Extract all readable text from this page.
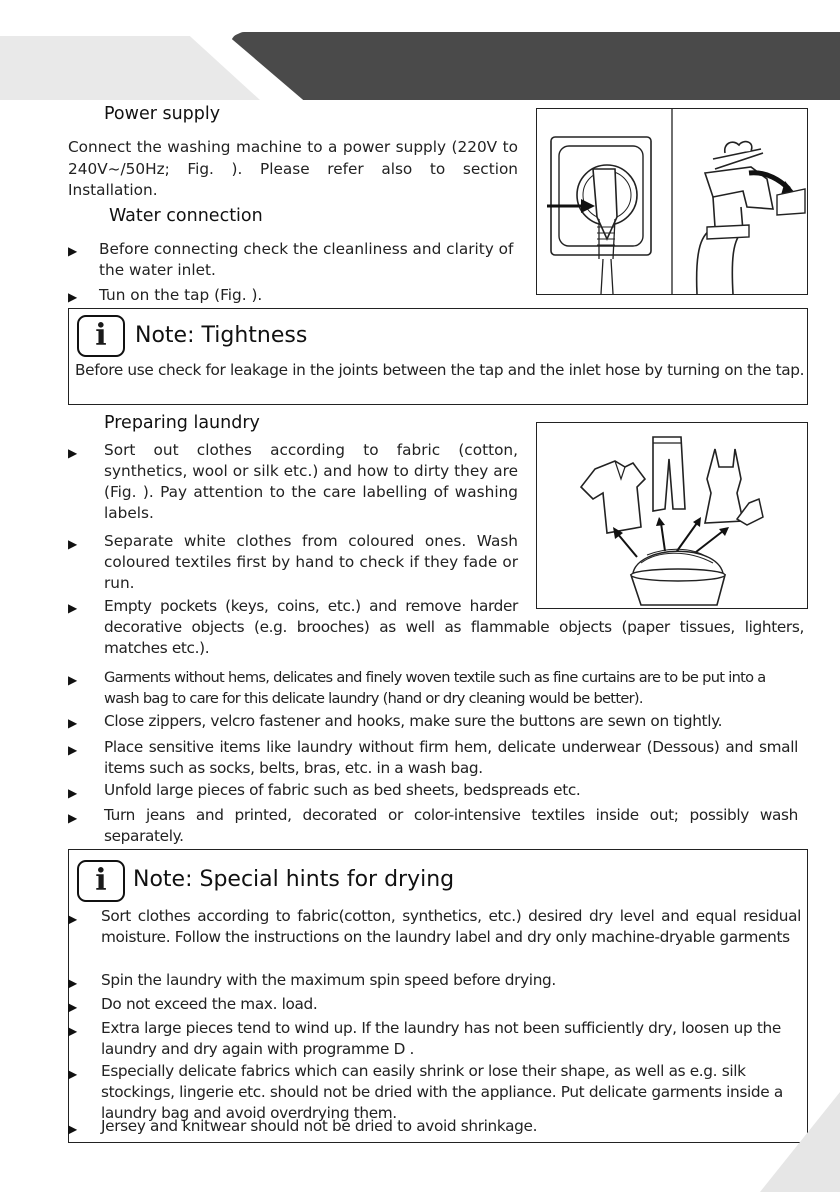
Power supply
Connect the washing machine to a power supply (220V to 240V~/50Hz; Fig. ). Please refer also to section Installation.
Water connection
▶ Before connecting check the cleanliness and clarity of the water inlet.
▶ Tun on the tap (Fig. ).
i Note: Tightness
Before use check for leakage in the joints between the tap and the inlet hose by turning on the tap.
Preparing laundry
▶ Sort out clothes according to fabric (cotton, synthetics, wool or silk etc.) and how to dirty they are (Fig. ). Pay attention to the care labelling of washing labels.
▶ Separate white clothes from coloured ones. Wash coloured textiles first by hand to check if they fade or run.
▶ Empty pockets (keys, coins, etc.) and remove harder decorative objects (e.g. brooches) as well as flammable objects (paper tissues, lighters, matches etc.).
▶ Garments without hems, delicates and finely woven textile such as fine curtains are to be put into a wash bag to care for this delicate laundry (hand or dry cleaning would be better).
▶ Close zippers, velcro fastener and hooks, make sure the buttons are sewn on tightly.
▶ Place sensitive items like laundry without firm hem, delicate underwear (Dessous) and small items such as socks, belts, bras, etc. in a wash bag.
▶ Unfold large pieces of fabric such as bed sheets, bedspreads etc.
▶ Turn jeans and printed, decorated or color-intensive textiles inside out; possibly wash separately.
i Note: Special hints for drying
▶ Sort clothes according to fabric(cotton, synthetics, etc.) desired dry level and equal residual moisture. Follow the instructions on the laundry label and dry only machine-dryable garments
▶ Spin the laundry with the maximum spin speed before drying.
▶ Do not exceed the max. load.
▶ Extra large pieces tend to wind up. If the laundry has not been sufficiently dry, loosen up the laundry and dry again with programme D .
▶ Especially delicate fabrics which can easily shrink or lose their shape, as well as e.g. silk stockings, lingerie etc. should not be dried with the appliance. Put delicate garments inside a laundry bag and avoid overdrying them.
▶ Jersey and knitwear should not be dried to avoid shrinkage.
